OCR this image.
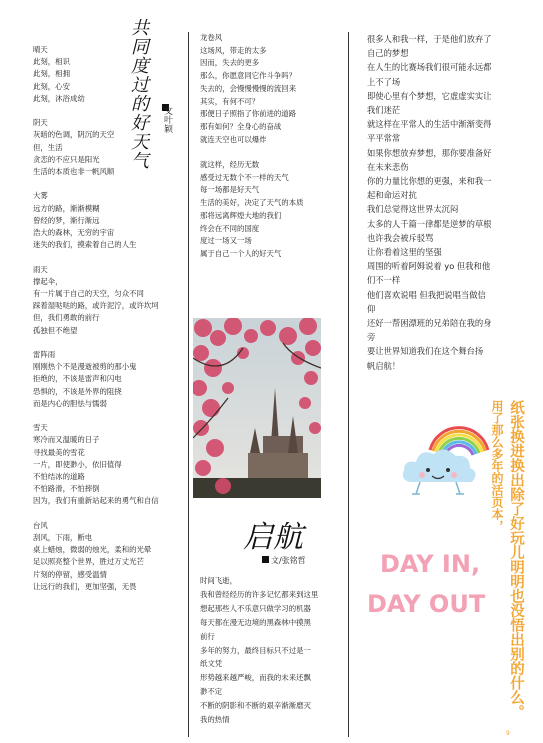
晴天
此刻，相识
此刻，相拥
此刻，心安
此刻，沐浴成幼
阴天
灰暗的色调，阴沉的天空
但，生活
贪恋的不应只是阳光
生活的本质也非一帆风顺
大雾
远方的路，渐渐模糊
曾经的梦，渐行渐远
浩大的森林，无穷的宇宙
迷失的我们，摸索着自己的人生
雨天
撑起伞，
有一片属于自己的天空，匀众不同
踩着湿哒哒的路，或许泥泞，或许坎坷
但，我们勇敢的前行
孤独但不绝望
雷阵雨
刚刚热个不是漫逝被剪的那小鬼
拒绝的，不该是雷声和闪电
恐惧的，不该是外界的阻挠
而是内心的胆怯与懦弱
雪天
寒冷而又温暖的日子
寻找最美的雪花
一片，即使渺小，依旧值得
不怕结冰的道路
不怕路滑，不怕摔倒
因为，我们有重新站起来的勇气和自信
台风
刮风，下雨，断电
桌上蜡烛，微弱的烛光，柔和的光晕
足以照亮整个世界，胜过万丈光芒
片刻的停留，感受温情
让远行的我们，更加坚强，无畏
共同度过的好天气 文叶颖
龙卷风
这场风，带走的太多
因而，失去的更多
那么，你愿意同它作斗争吗？
失去的，会慢慢慢慢的流回来
其实，有何不可？
那便日子照指了你前进的道路
那有如何？全身心的奋战
就连天空也可以爆炸
就这样，经历无数
感受过无数个不一样的天气
每一场都是好天气
生活的美好，决定了天气的本质
那将远离辉煌大地的我们
终会在不同的国度
度过一场又一场
属于自己一个人的好天气
启航
文/张铭哲
时间飞逝，
我和曾经经历的许多记忆都来到这里
想起那些人不乐意只做学习的机器
每天都在漫无边境的黑森林中摸黑
前行
多年的努力，最终目标只不过是一
纸文凭
形势越来越严峻，而我的未来还飘
渺不定
不断的阴影和不断的艰辛渐渐磨灭
我的热情
很多人和我一样，于是他们放弃了
自己的梦想
在人生的比赛场我们很可能永远都
上不了场
即使心里有个梦想，它虚虚实实让
我们迷茫
就这样在平常人的生活中渐渐变得
平平常常
如果你想放弃梦想，那你要准备好
在未来悲伤
你的力量比你想的更强，来和我一
起和命运对抗
我们总觉得这世界太沉闷
太多的人千篇一律都是逆梦的草根
也许我会被斥驳骂
让你看着这里的坚强
周围的听着阿姆说着 yo 但我和他
们不一样
他们喜欢说唱 但我把说唱当做信
仰
还好一帮困漂班的兄弟陪在我的身
旁
要让世界知道我们在这个舞台扬
帆启航！
纸张换进换出除了好玩儿明明也没悟出别的什么。
用了那么多年的活页本，
DAY IN,
DAY OUT
9
